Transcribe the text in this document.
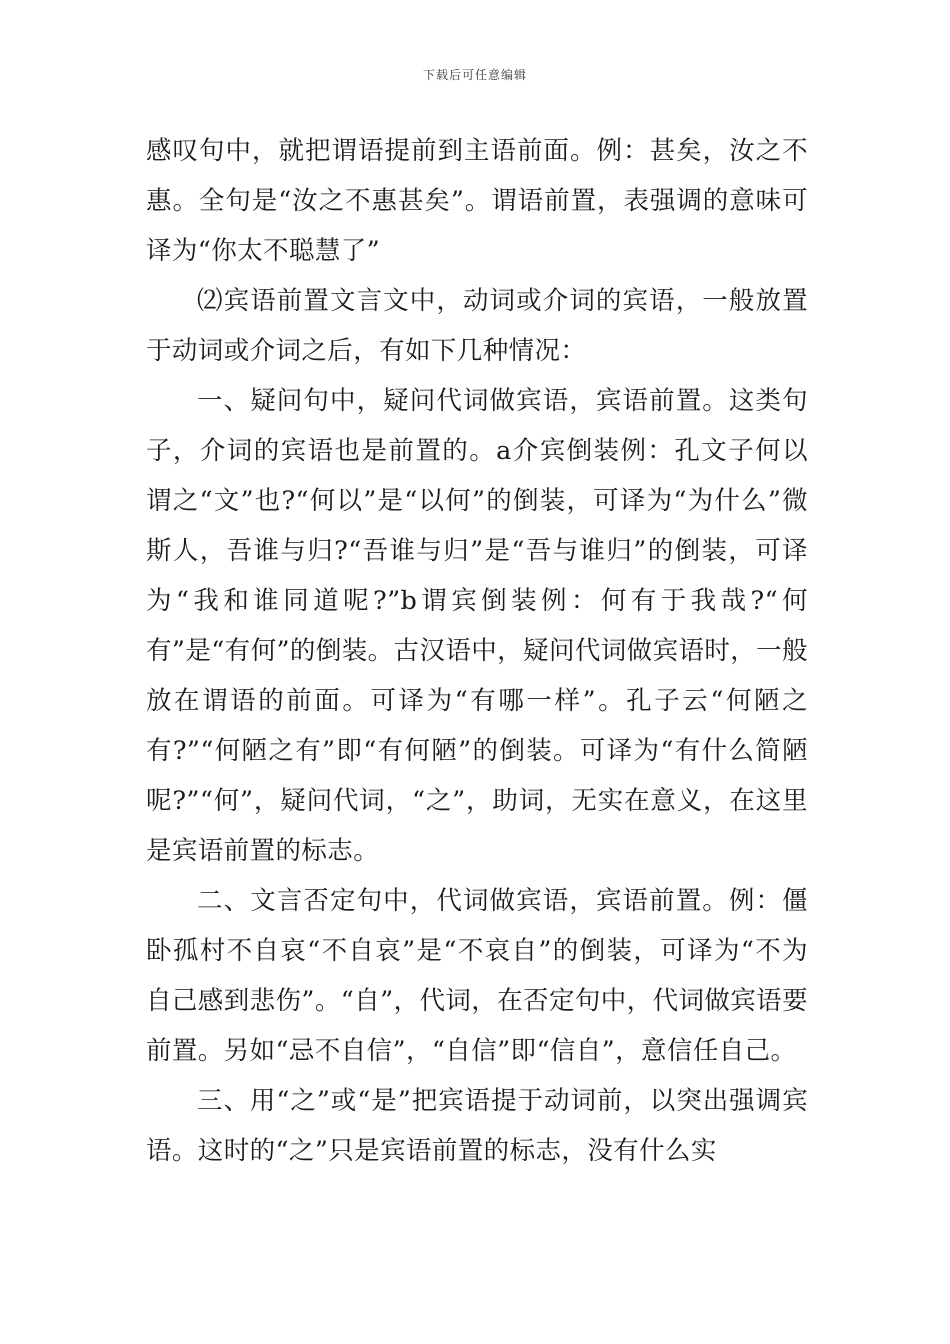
下载后可任意编辑

感叹句中，就把谓语提前到主语前面。例：甚矣，汝之不惠。全句是“汝之不惠甚矣”。谓语前置，表强调的意味可译为“你太不聪慧了”

⑵宾语前置文言文中，动词或介词的宾语，一般放置于动词或介词之后，有如下几种情况：

一、疑问句中，疑问代词做宾语，宾语前置。这类句子，介词的宾语也是前置的。a介宾倒装例：孔文子何以谓之“文”也?“何以”是“以何”的倒装，可译为“为什么”微斯人，吾谁与归?“吾谁与归”是“吾与谁归”的倒装，可译为“我和谁同道呢?”b谓宾倒装例：何有于我哉?“何有”是“有何”的倒装。古汉语中，疑问代词做宾语时，一般放在谓语的前面。可译为“有哪一样”。孔子云“何陋之有?”“何陋之有”即“有何陋”的倒装。可译为“有什么简陋呢?”“何”，疑问代词，“之”，助词，无实在意义，在这里是宾语前置的标志。

二、文言否定句中，代词做宾语，宾语前置。例：僵卧孤村不自哀“不自哀”是“不哀自”的倒装，可译为“不为自己感到悲伤”。“自”，代词，在否定句中，代词做宾语要前置。另如“忌不自信”，“自信”即“信自”，意信任自己。

三、用“之”或“是”把宾语提于动词前，以突出强调宾语。这时的“之”只是宾语前置的标志，没有什么实
